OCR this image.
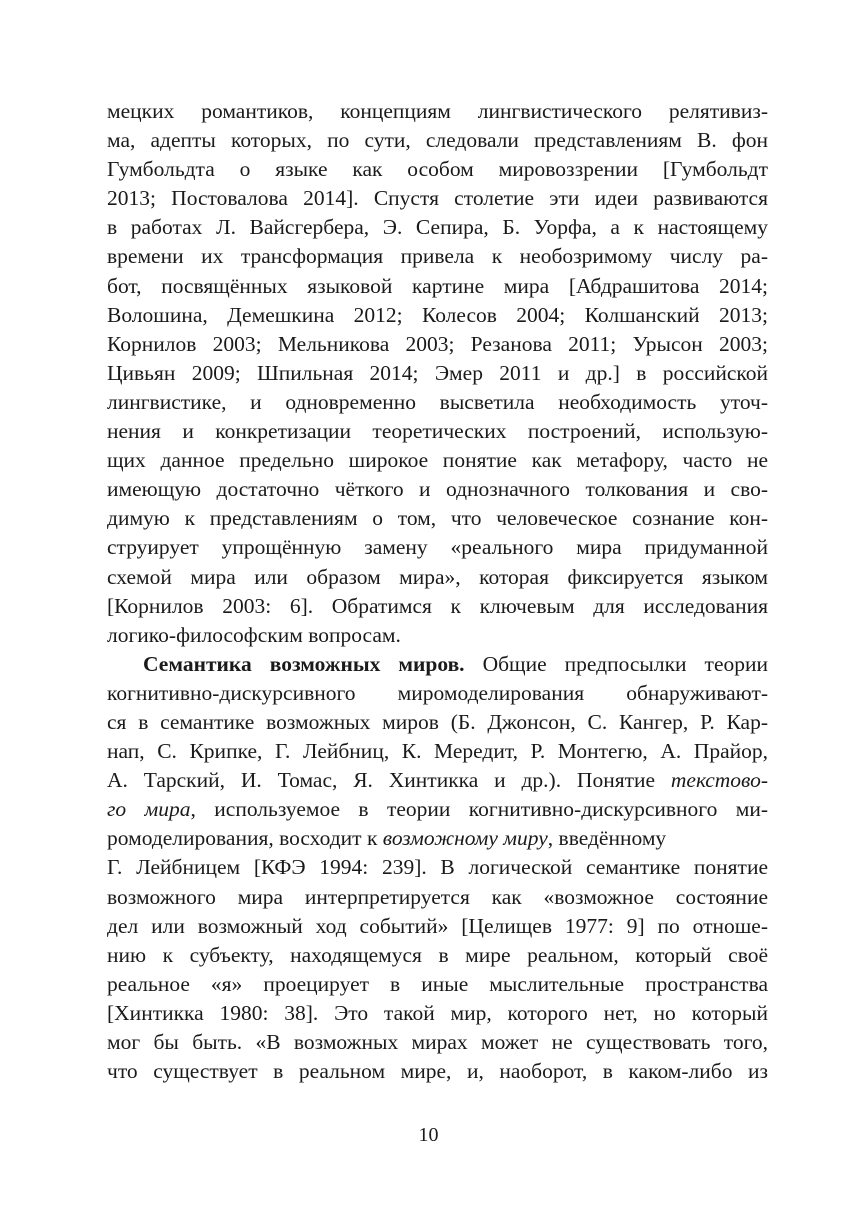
мецких романтиков, концепциям лингвистического релятивиз-
ма, адепты которых, по сути, следовали представлениям В. фон
Гумбольдта о языке как особом мировоззрении [Гумбольдт
2013; Постовалова 2014]. Спустя столетие эти идеи развиваются
в работах Л. Вайсгербера, Э. Сепира, Б. Уорфа, а к настоящему
времени их трансформация привела к необозримому числу ра-
бот, посвящённых языковой картине мира [Абдрашитова 2014;
Волошина, Демешкина 2012; Колесов 2004; Колшанский 2013;
Корнилов 2003; Мельникова 2003; Резанова 2011; Урысон 2003;
Цивьян 2009; Шпильная 2014; Эмер 2011 и др.] в российской
лингвистике, и одновременно высветила необходимость уточ-
нения и конкретизации теоретических построений, использую-
щих данное предельно широкое понятие как метафору, часто не
имеющую достаточно чёткого и однозначного толкования и сво-
димую к представлениям о том, что человеческое сознание кон-
струирует упрощённую замену «реального мира придуманной
схемой мира или образом мира», которая фиксируется языком
[Корнилов 2003: 6]. Обратимся к ключевым для исследования
логико-философским вопросам.
Семантика возможных миров. Общие предпосылки теории
когнитивно-дискурсивного миромоделирования обнаруживают-
ся в семантике возможных миров (Б. Джонсон, С. Кангер, Р. Кар-
нап, С. Крипке, Г. Лейбниц, К. Мередит, Р. Монтегю, А. Прайор,
А. Тарский, И. Томас, Я. Хинтикка и др.). Понятие текстово-
го мира, используемое в теории когнитивно-дискурсивного ми-
ромоделирования, восходит к возможному миру, введённому
Г. Лейбницем [КФЭ 1994: 239]. В логической семантике понятие
возможного мира интерпретируется как «возможное состояние
дел или возможный ход событий» [Целищев 1977: 9] по отноше-
нию к субъекту, находящемуся в мире реальном, который своё
реальное «я» проецирует в иные мыслительные пространства
[Хинтикка 1980: 38]. Это такой мир, которого нет, но который
мог бы быть. «В возможных мирах может не существовать того,
что существует в реальном мире, и, наоборот, в каком-либо из
10
